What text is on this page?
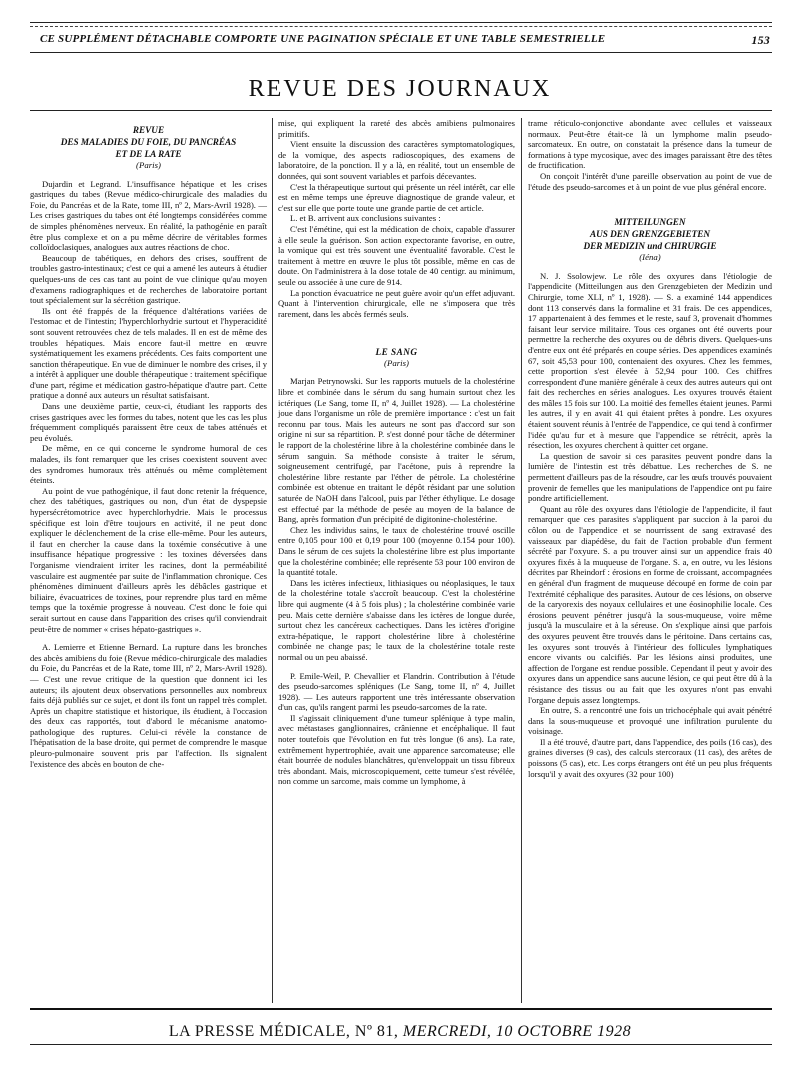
CE SUPPLÉMENT DÉTACHABLE COMPORTE UNE PAGINATION SPÉCIALE ET UNE TABLE SEMESTRIELLE	153
REVUE DES JOURNAUX
REVUE
DES MALADIES DU FOIE, DU PANCRÉAS
ET DE LA RATE
(Paris)

Dujardin et Legrand. L'insuffisance hépatique et les crises gastriques du tabes (Revue médico-chirurgicale des maladies du Foie, du Pancréas et de la Rate, tome III, nº 2, Mars-Avril 1928). — Les crises gastriques du tabes ont été longtemps considérées comme de simples phénomènes nerveux. En réalité, la pathogénie en paraît être plus complexe et on a pu même décrire de véritables formes colloïdoclasiques, analogues aux autres réactions de choc.

Beaucoup de tabétiques, en dehors des crises, souffrent de troubles gastro-intestinaux; c'est ce qui a amené les auteurs à étudier quelques-uns de ces cas tant au point de vue clinique qu'au moyen d'examens radiographiques et de recherches de laboratoire portant tout spécialement sur la sécrétion gastrique.

Ils ont été frappés de la fréquence d'altérations variées de l'estomac et de l'intestin; l'hyperchlorhydrie surtout et l'hyperacidité sont souvent retrouvées chez de tels malades. Il en est de même des troubles hépatiques. Mais encore faut-il mettre en œuvre systématiquement les examens précédents. Ces faits comportent une sanction thérapeutique. En vue de diminuer le nombre des crises, il y a intérêt à appliquer une double thérapeutique : traitement spécifique d'une part, régime et médication gastro-hépatique d'autre part. Cette pratique a donné aux auteurs un résultat satisfaisant.

Dans une deuxième partie, ceux-ci, étudiant les rapports des crises gastriques avec les formes du tabes, notent que les cas les plus fréquemment compliqués paraissent être ceux de tabes atténués et peu évolués.

De même, en ce qui concerne le syndrome humoral de ces malades, ils font remarquer que les crises coexistent souvent avec des syndromes humoraux très atténués ou même complètement éteints.

Au point de vue pathogénique, il faut donc retenir la fréquence, chez des tabétiques, gastriques ou non, d'un état de dyspepsie hypersécrétomotrice avec hyperchlorhydrie. Mais le processus spécifique est loin d'être toujours en activité, il ne peut donc expliquer le déclenchement de la crise elle-même. Pour les auteurs, il faut en chercher la cause dans la toxémie consécutive à une insuffisance hépatique progressive : les toxines déversées dans l'organisme viendraient irriter les racines, dont la perméabilité vasculaire est augmentée par suite de l'inflammation chronique. Ces phénomènes diminuent d'ailleurs après les débâcles gastrique et biliaire, évacuatrices de toxines, pour reprendre plus tard en même temps que la toxémie progresse à nouveau. C'est donc le foie qui serait surtout en cause dans l'apparition des crises qu'il conviendrait peut-être de nommer « crises hépato-gastriques ».

A. Lemierre et Etienne Bernard. La rupture dans les bronches des abcès amibiens du foie (Revue médico-chirurgicale des maladies du Foie, du Pancréas et de la Rate, tome III, nº 2, Mars-Avril 1928). — C'est une revue critique de la question que donnent ici les auteurs; ils ajoutent deux observations personnelles aux nombreux faits déjà publiés sur ce sujet, et dont ils font un rappel très complet. Après un chapitre statistique et historique, ils étudient, à l'occasion des deux cas rapportés, tout d'abord le mécanisme anatomo-pathologique des ruptures. Celui-ci révèle la constance de l'hépatisation de la base droite, qui permet de comprendre le masque pleuro-pulmonaire souvent pris par l'affection. Ils signalent l'existence des abcès en bouton de che-

mise, qui expliquent la rareté des abcès amibiens pulmonaires primitifs.

Vient ensuite la discussion des caractères symptomatologiques, de la vomique, des aspects radioscopiques, des examens de laboratoire, de la ponction. Il y a là, en réalité, tout un ensemble de données, qui sont souvent variables et parfois décevantes.

C'est la thérapeutique surtout qui présente un réel intérêt, car elle est en même temps une épreuve diagnostique de grande valeur, et c'est sur elle que porte toute une grande partie de cet article.

L. et B. arrivent aux conclusions suivantes :

C'est l'émétine, qui est la médication de choix, capable d'assurer à elle seule la guérison. Son action expectorante favorise, en outre, la vomique qui est très souvent une éventualité favorable. C'est le traitement à mettre en œuvre le plus tôt possible, même en cas de doute. On l'administrera à la dose totale de 40 centigr. au minimum, seule ou associée à une cure de 914.

La ponction évacuatrice ne peut guère avoir qu'un effet adjuvant. Quant à l'intervention chirurgicale, elle ne s'imposera que très rarement, dans les abcès fermés seuls.

LE SANG
(Paris)

Marjan Petrynowski. Sur les rapports mutuels de la cholestérine libre et combinée dans le sérum du sang humain surtout chez les ictériques (Le Sang, tome II, nº 4, Juillet 1928). — La cholestérine joue dans l'organisme un rôle de première importance : c'est un fait reconnu par tous. Mais les auteurs ne sont pas d'accord sur son origine ni sur sa répartition. P. s'est donné pour tâche de déterminer le rapport de la cholestérine libre à la cholestérine combinée dans le sérum sanguin. Sa méthode consiste à traiter le sérum, soigneusement centrifugé, par l'acétone, puis à reprendre la cholestérine libre restante par l'éther de pétrole. La cholestérine combinée est obtenue en traitant le dépôt résidant par une solution saturée de NaOH dans l'alcool, puis par l'éther éthylique. Le dosage est effectué par la méthode de pesée au moyen de la balance de Bang, après formation d'un précipité de digitonine-cholestérine.

Chez les individus sains, le taux de cholestérine trouvé oscille entre 0,105 pour 100 et 0,19 pour 100 (moyenne 0.154 pour 100). Dans le sérum de ces sujets la cholestérine libre est plus importante que la cholestérine combinée; elle représente 53 pour 100 environ de la quantité totale.

Dans les ictères infectieux, lithiasiques ou néoplasiques, le taux de la cholestérine totale s'accroît beaucoup. C'est la cholestérine libre qui augmente (4 à 5 fois plus) ; la cholestérine combinée varie peu. Mais cette dernière s'abaisse dans les ictères de longue durée, surtout chez les cancéreux cachectiques. Dans les ictères d'origine extra-hépatique, le rapport cholestérine libre à cholestérine combinée ne change pas; le taux de la cholestérine totale reste normal ou un peu abaissé.

P. Emile-Weil, P. Chevallier et Flandrin. Contribution à l'étude des pseudo-sarcomes spléniques (Le Sang, tome II, nº 4, Juillet 1928). — Les auteurs rapportent une très intéressante observation d'un cas, qu'ils rangent parmi les pseudo-sarcomes de la rate.

Il s'agissait cliniquement d'une tumeur splénique à type malin, avec métastases ganglionnaires, crânienne et encéphalique. Il faut noter toutefois que l'évolution en fut très longue (6 ans). La rate, extrêmement hypertrophiée, avait une apparence sarcomateuse; elle était bourrée de nodules blanchâtres, qu'enveloppait un tissu fibreux très abondant. Mais, microscopiquement, cette tumeur s'est révélée, non comme un sarcome, mais comme un lymphome, à

trame réticulo-conjonctive abondante avec cellules et vaisseaux normaux. Peut-être était-ce là un lymphome malin pseudo-sarcomateux. En outre, on constatait la présence dans la tumeur de formations à type mycosique, avec des images paraissant être des têtes de fructification.

On conçoit l'intérêt d'une pareille observation au point de vue de l'étude des pseudo-sarcomes et à un point de vue plus général encore.

MITTEILUNGEN
AUS DEN GRENZGEBIETEN
DER MEDIZIN und CHIRURGIE
(Iéna)

N. J. Ssolowjew. Le rôle des oxyures dans l'étiologie de l'appendicite (Mitteilungen aus den Grenzgebieten der Medizin und Chirurgie, tome XLI, nº 1, 1928). — S. a examiné 144 appendices dont 113 conservés dans la formaline et 31 frais. De ces appendices, 17 appartenaient à des femmes et le reste, sauf 3, provenait d'hommes faisant leur service militaire. Tous ces organes ont été ouverts pour permettre la recherche des oxyures ou de débris divers. Quelques-uns d'entre eux ont été préparés en coupe séries. Des appendices examinés 67, soit 45,53 pour 100, contenaient des oxyures. Chez les femmes, cette proportion s'est élevée à 52,94 pour 100. Ces chiffres correspondent d'une manière générale à ceux des autres auteurs qui ont fait des recherches en séries analogues. Les oxyures trouvés étaient des mâles 15 fois sur 100. La moitié des femelles étaient jeunes. Parmi les autres, il y en avait 41 qui étaient prêtes à pondre. Les oxyures étaient souvent réunis à l'entrée de l'appendice, ce qui tend à confirmer l'idée qu'au fur et à mesure que l'appendice se rétrécit, après la résection, les oxyures cherchent à quitter cet organe.

La question de savoir si ces parasites peuvent pondre dans la lumière de l'intestin est très débattue. Les recherches de S. ne permettent d'ailleurs pas de la résoudre, car les œufs trouvés pouvaient provenir de femelles que les manipulations de l'appendice ont pu faire pondre artificiellement.

Quant au rôle des oxyures dans l'étiologie de l'appendicite, il faut remarquer que ces parasites s'appliquent par succion à la paroi du côlon ou de l'appendice et se nourrissent de sang extravasé des vaisseaux par diapédèse, du fait de l'action probable d'un ferment sécrété par l'oxyure. S. a pu trouver ainsi sur un appendice frais 40 oxyures fixés à la muqueuse de l'organe. S. a, en outre, vu les lésions décrites par Rheindorf : érosions en forme de croissant, accompagnées en général d'un fragment de muqueuse découpé en forme de coin par l'extrémité céphalique des parasites. Autour de ces lésions, on observe de la caryorexis des noyaux cellulaires et une éosinophilie locale. Ces érosions peuvent pénétrer jusqu'à la sous-muqueuse, voire même jusqu'à la musculaire et à la séreuse. On s'explique ainsi que parfois des oxyures peuvent être trouvés dans le péritoine. Dans certains cas, les oxyures sont trouvés à l'intérieur des follicules lymphatiques encore vivants ou calcifiés. Par les lésions ainsi produites, une affection de l'organe est rendue possible. Cependant il peut y avoir des oxyures dans un appendice sans aucune lésion, ce qui peut être dû à la résistance des tissus ou au fait que les oxyures n'ont pas envahi l'organe depuis assez longtemps.

En outre, S. a rencontré une fois un trichocéphale qui avait pénétré dans la sous-muqueuse et provoqué une infiltration purulente du voisinage.

Il a été trouvé, d'autre part, dans l'appendice, des poils (16 cas), des graines diverses (9 cas), des calculs stercoraux (11 cas), des arêtes de poissons (5 cas), etc. Les corps étrangers ont été un peu plus fréquents lorsqu'il y avait des oxyures (32 pour 100)

LA PRESSE MÉDICALE, Nº 81, MERCREDI, 10 OCTOBRE 1928
